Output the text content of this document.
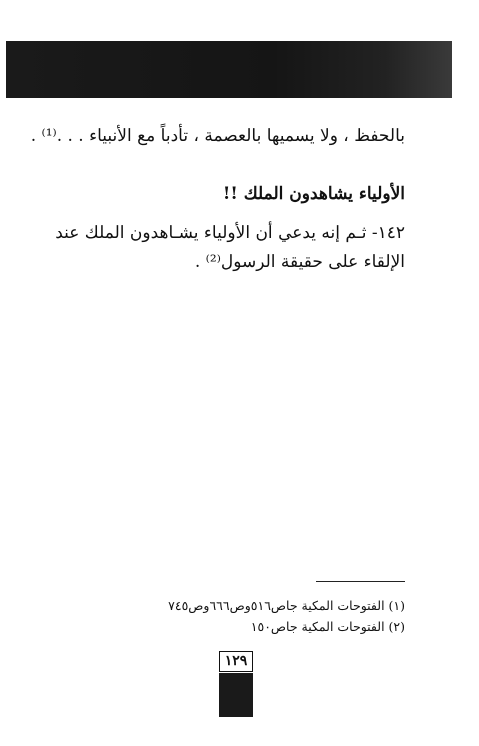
بالحفظ ، ولا يسميها بالعصمة ، تأدباً مع الأنبياء . . .⁽¹⁾ .
الأولياء يشاهدون الملك !!
١٤٢- ثـم إنه يدعي أن الأولياء يشـاهدون الملك عند
الإلقاء على حقيقة الرسول⁽²⁾ .
(١) الفتوحات المكية جا‌ص٥١٦‌وص٦٦٦‌وص٧٤٥
(٢) الفتوحات المكية جا‌ص١٥٠
١٢٩
